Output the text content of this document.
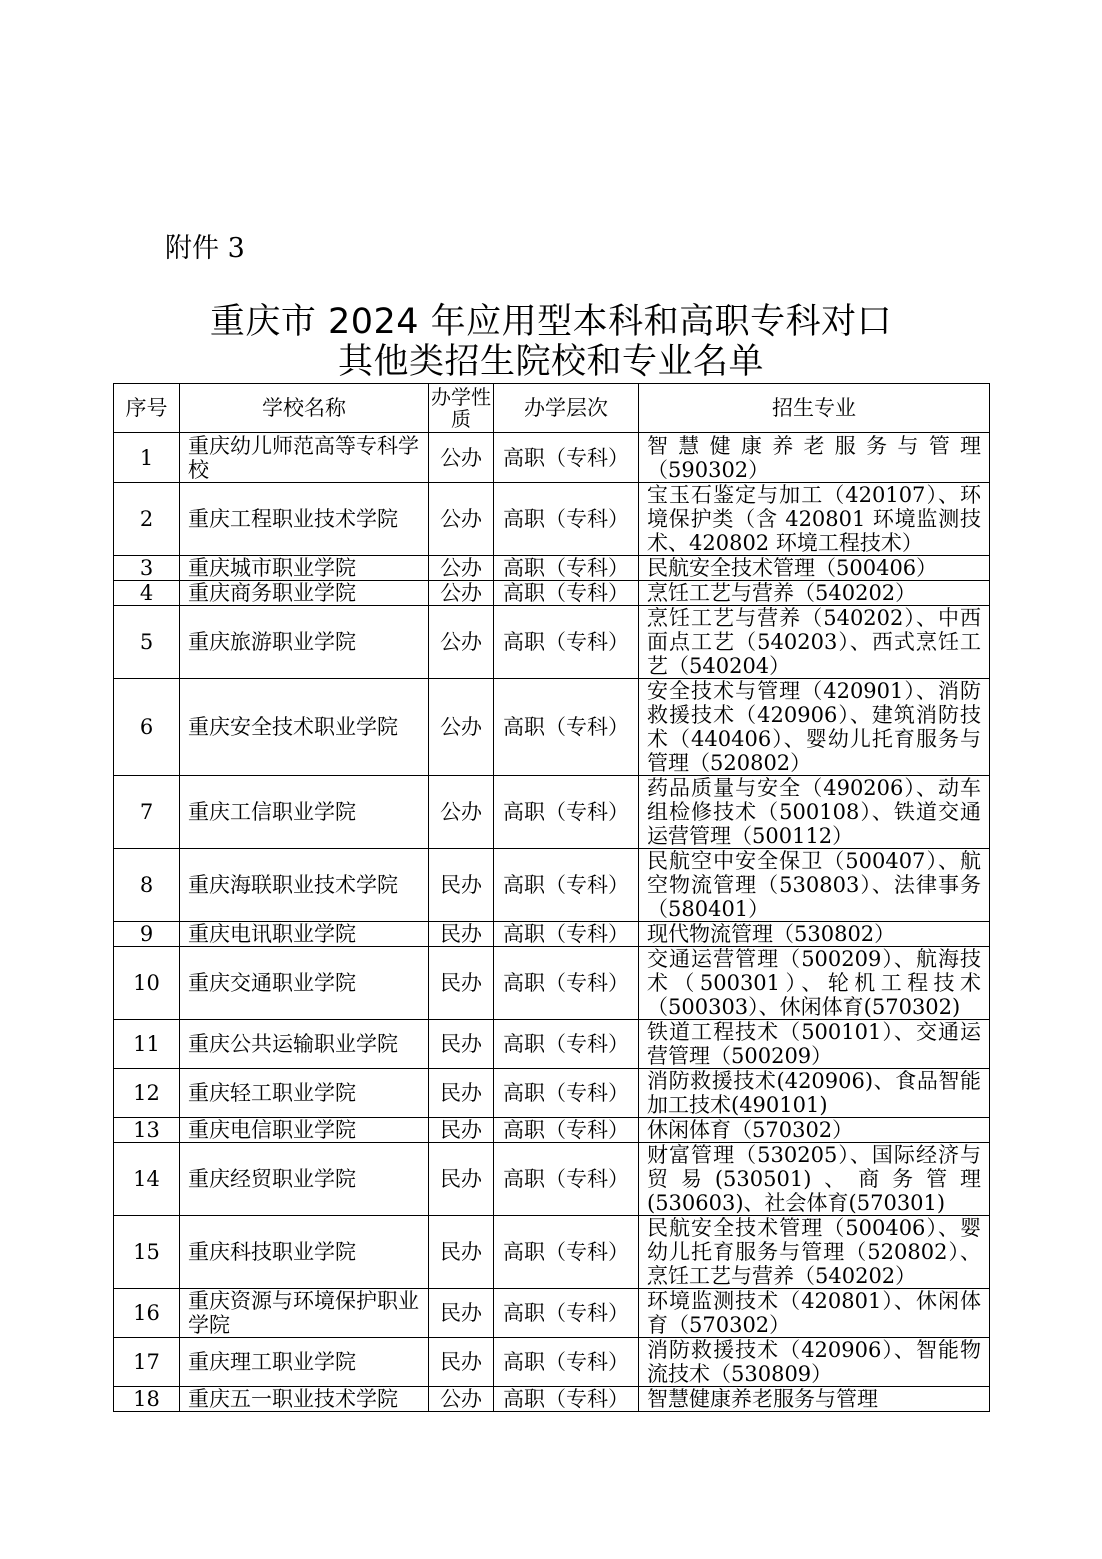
附件 3
重庆市 2024 年应用型本科和高职专科对口
其他类招生院校和专业名单
序号	学校名称	办学性质	办学层次	招生专业
1	重庆幼儿师范高等专科学校	公办	高职（专科）	智慧健康养老服务与管理（590302）
2	重庆工程职业技术学院	公办	高职（专科）	宝玉石鉴定与加工（420107）、环境保护类（含 420801 环境监测技术、420802 环境工程技术）
3	重庆城市职业学院	公办	高职（专科）	民航安全技术管理（500406）
4	重庆商务职业学院	公办	高职（专科）	烹饪工艺与营养（540202）
5	重庆旅游职业学院	公办	高职（专科）	烹饪工艺与营养（540202）、中西面点工艺（540203）、西式烹饪工艺（540204）
6	重庆安全技术职业学院	公办	高职（专科）	安全技术与管理（420901）、消防救援技术（420906）、建筑消防技术（440406）、婴幼儿托育服务与管理（520802）
7	重庆工信职业学院	公办	高职（专科）	药品质量与安全（490206）、动车组检修技术（500108）、铁道交通运营管理（500112）
8	重庆海联职业技术学院	民办	高职（专科）	民航空中安全保卫（500407）、航空物流管理（530803）、法律事务（580401）
9	重庆电讯职业学院	民办	高职（专科）	现代物流管理（530802）
10	重庆交通职业学院	民办	高职（专科）	交通运营管理（500209）、航海技术（500301）、轮机工程技术（500303）、休闲体育(570302)
11	重庆公共运输职业学院	民办	高职（专科）	铁道工程技术（500101）、交通运营管理（500209）
12	重庆轻工职业学院	民办	高职（专科）	消防救援技术(420906)、食品智能加工技术(490101)
13	重庆电信职业学院	民办	高职（专科）	休闲体育（570302）
14	重庆经贸职业学院	民办	高职（专科）	财富管理（530205）、国际经济与贸易(530501)、商务管理(530603)、社会体育(570301)
15	重庆科技职业学院	民办	高职（专科）	民航安全技术管理（500406）、婴幼儿托育服务与管理（520802）、烹饪工艺与营养（540202）
16	重庆资源与环境保护职业学院	民办	高职（专科）	环境监测技术（420801）、休闲体育（570302）
17	重庆理工职业学院	民办	高职（专科）	消防救援技术（420906）、智能物流技术（530809）
18	重庆五一职业技术学院	公办	高职（专科）	智慧健康养老服务与管理
